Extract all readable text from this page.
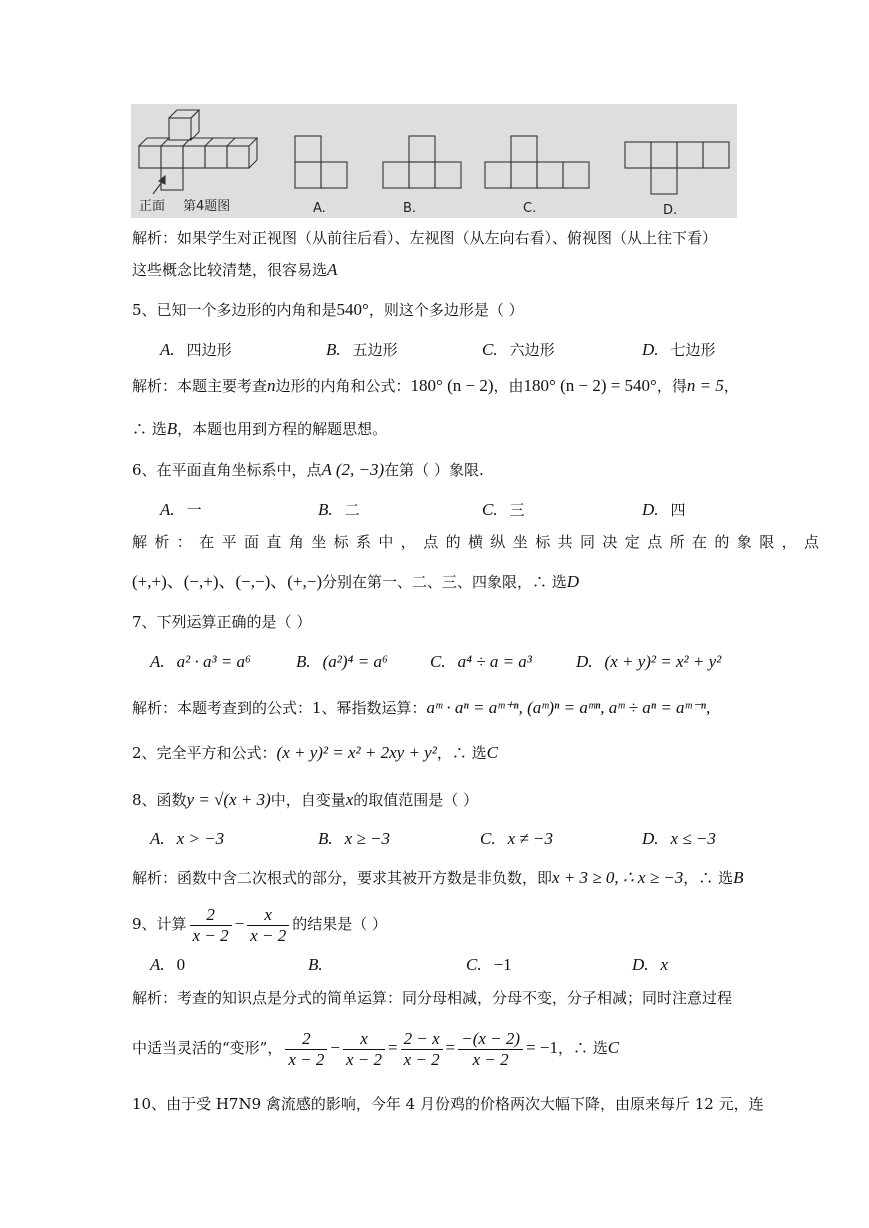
正面 第4题图	A.	B.	C.	D.
解析：如果学生对正视图（从前往后看）、左视图（从左向右看）、俯视图（从上往下看）
这些概念比较清楚，很容易选A
5、已知一个多边形的内角和是540°，则这个多边形是（ ）
A. 四边形	B. 五边形	C. 六边形	D. 七边形
解析：本题主要考查n边形的内角和公式：180° (n − 2)，由180° (n − 2) = 540°，得n = 5，
∴ 选B，本题也用到方程的解题思想。
6、在平面直角坐标系中，点A (2, −3)在第（ ）象限.
A. 一	B. 二	C. 三	D. 四
解析：在平面直角坐标系中，点的横纵坐标共同决定点所在的象限，点
(+,+)、(−,+)、(−,−)、(+,−)分别在第一、二、三、四象限，∴ 选D
7、下列运算正确的是（ ）
A. a² · a³ = a⁶	B. (a²)⁴ = a⁶ C. a⁴ ÷ a = a³	D. (x + y)² = x² + y²
解析：本题考查到的公式：1、幂指数运算：aᵐ · aⁿ = aᵐ⁺ⁿ, (aᵐ)ⁿ = aᵐⁿ, aᵐ ÷ aⁿ = aᵐ⁻ⁿ,
2、完全平方和公式：(x + y)² = x² + 2xy + y²，∴ 选C
8、函数y = √(x + 3)中，自变量x的取值范围是（ ）
A. x > −3	B. x ≥ −3	C. x ≠ −3	D. x ≤ −3
解析：函数中含二次根式的部分，要求其被开方数是非负数，即x + 3 ≥ 0, ∴ x ≥ −3，∴ 选B
9、计算 $\frac{2}{x - 2} - \frac{x}{x - 2}$ 的结果是（ ）
A. 0	B.	C. −1	D. x
解析：考查的知识点是分式的简单运算：同分母相减，分母不变，分子相减；同时注意过程
中适当灵活的“变形”， $\frac{2}{x - 2} - \frac{x}{x - 2} = \frac{2 - x}{x - 2} = \frac{-(x - 2)}{x - 2} = -1$，∴ 选C
10、由于受 H7N9 禽流感的影响，今年 4 月份鸡的价格两次大幅下降，由原来每斤 12 元，连
